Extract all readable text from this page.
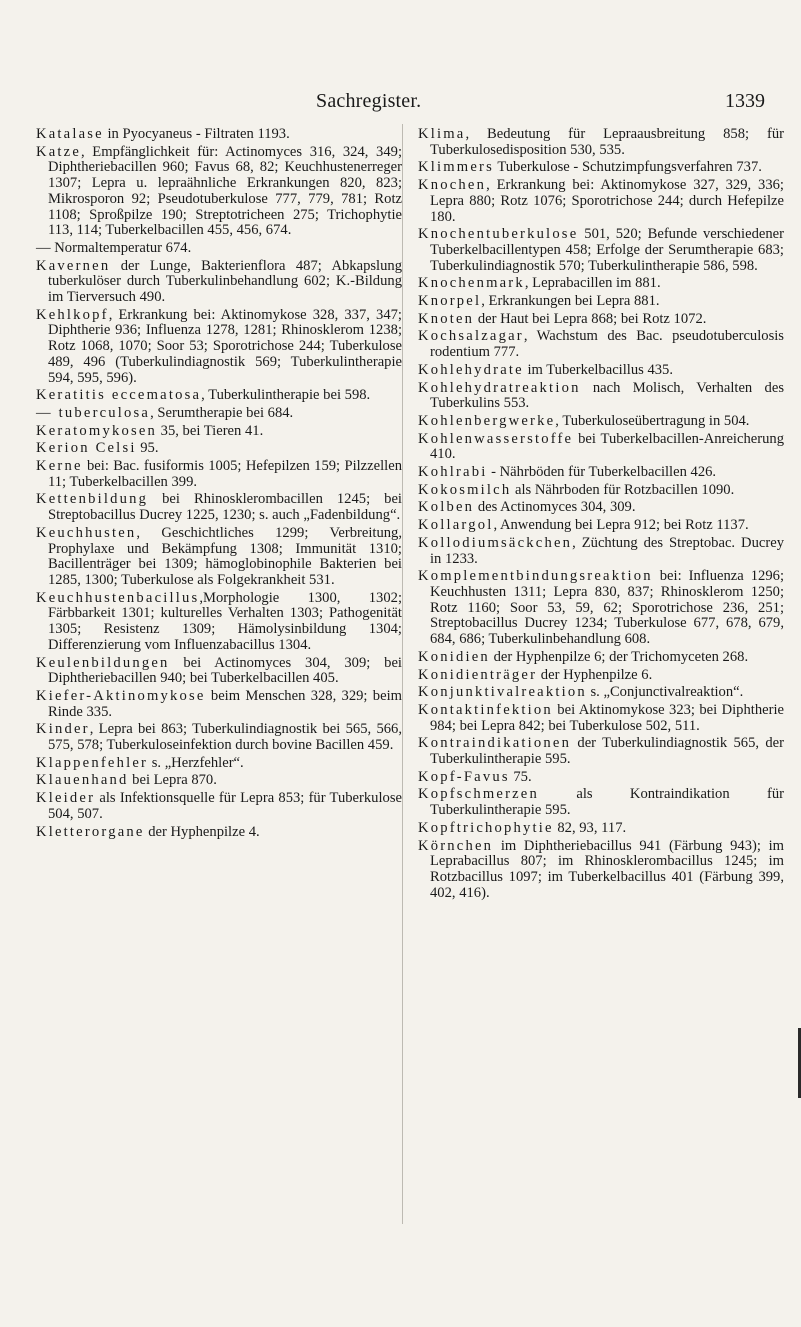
Sachregister.	1339

Katalase in Pyocyaneus - Filtraten 1193.

Katze, Empfänglichkeit für: Actinomyces 316, 324, 349; Diphtheriebacillen 960; Favus 68, 82; Keuchhustenerreger 1307; Lepra u. lepraähnliche Erkrankungen 820, 823; Mikrosporon 92; Pseudotuberkulose 777, 779, 781; Rotz 1108; Sproßpilze 190; Streptotricheen 275; Trichophytie 113, 114; Tuberkelbacillen 455, 456, 674.

— Normaltemperatur 674.

Kavernen der Lunge, Bakterienflora 487; Abkapslung tuberkulöser durch Tuberkulinbehandlung 602; K.-Bildung im Tierversuch 490.

Kehlkopf, Erkrankung bei: Aktinomykose 328, 337, 347; Diphtherie 936; Influenza 1278, 1281; Rhinosklerom 1238; Rotz 1068, 1070; Soor 53; Sporotrichose 244; Tuberkulose 489, 496 (Tuberkulindiagnostik 569; Tuberkulintherapie 594, 595, 596).

Keratitis eccematosa, Tuberkulintherapie bei 598.

— tuberculosa, Serumtherapie bei 684.

Keratomykosen 35, bei Tieren 41.

Kerion Celsi 95.

Kerne bei: Bac. fusiformis 1005; Hefepilzen 159; Pilzzellen 11; Tuberkelbacillen 399.

Kettenbildung bei Rhinosklerombacillen 1245; bei Streptobacillus Ducrey 1225, 1230; s. auch „Fadenbildung“.

Keuchhusten, Geschichtliches 1299; Verbreitung, Prophylaxe und Bekämpfung 1308; Immunität 1310; Bacillenträger bei 1309; hämoglobinophile Bakterien bei 1285, 1300; Tuberkulose als Folgekrankheit 531.

Keuchhustenbacillus,Morphologie 1300, 1302; Färbbarkeit 1301; kulturelles Verhalten 1303; Pathogenität 1305; Resistenz 1309; Hämolysinbildung 1304; Differenzierung vom Influenzabacillus 1304.

Keulenbildungen bei Actinomyces 304, 309; bei Diphtheriebacillen 940; bei Tuberkelbacillen 405.

Kiefer-Aktinomykose beim Menschen 328, 329; beim Rinde 335.

Kinder, Lepra bei 863; Tuberkulindiagnostik bei 565, 566, 575, 578; Tuberkuloseinfektion durch bovine Bacillen 459.

Klappenfehler s. „Herzfehler“.

Klauenhand bei Lepra 870.

Kleider als Infektionsquelle für Lepra 853; für Tuberkulose 504, 507.

Kletterorgane der Hyphenpilze 4.

Klima, Bedeutung für Lepraausbreitung 858; für Tuberkulosedisposition 530, 535.

Klimmers Tuberkulose - Schutzimpfungsverfahren 737.

Knochen, Erkrankung bei: Aktinomykose 327, 329, 336; Lepra 880; Rotz 1076; Sporotrichose 244; durch Hefepilze 180.

Knochentuberkulose 501, 520; Befunde verschiedener Tuberkelbacillentypen 458; Erfolge der Serumtherapie 683; Tuberkulindiagnostik 570; Tuberkulintherapie 586, 598.

Knochenmark, Leprabacillen im 881.

Knorpel, Erkrankungen bei Lepra 881.

Knoten der Haut bei Lepra 868; bei Rotz 1072.

Kochsalzagar, Wachstum des Bac. pseudotuberculosis rodentium 777.

Kohlehydrate im Tuberkelbacillus 435.

Kohlehydratreaktion nach Molisch, Verhalten des Tuberkulins 553.

Kohlenbergwerke, Tuberkuloseübertragung in 504.

Kohlenwasserstoffe bei Tuberkelbacillen-Anreicherung 410.

Kohlrabi - Nährböden für Tuberkelbacillen 426.

Kokosmilch als Nährboden für Rotzbacillen 1090.

Kolben des Actinomyces 304, 309.

Kollargol, Anwendung bei Lepra 912; bei Rotz 1137.

Kollodiumsäckchen, Züchtung des Streptobac. Ducrey in 1233.

Komplementbindungsreaktion bei: Influenza 1296; Keuchhusten 1311; Lepra 830, 837; Rhinosklerom 1250; Rotz 1160; Soor 53, 59, 62; Sporotrichose 236, 251; Streptobacillus Ducrey 1234; Tuberkulose 677, 678, 679, 684, 686; Tuberkulinbehandlung 608.

Konidien der Hyphenpilze 6; der Trichomyceten 268.

Konidienträger der Hyphenpilze 6.

Konjunktivalreaktion s. „Conjunctivalreaktion“.

Kontaktinfektion bei Aktinomykose 323; bei Diphtherie 984; bei Lepra 842; bei Tuberkulose 502, 511.

Kontraindikationen der Tuberkulindiagnostik 565, der Tuberkulintherapie 595.

Kopf-Favus 75.

Kopfschmerzen als Kontraindikation für Tuberkulintherapie 595.

Kopftrichophytie 82, 93, 117.

Körnchen im Diphtheriebacillus 941 (Färbung 943); im Leprabacillus 807; im Rhinosklerombacillus 1245; im Rotzbacillus 1097; im Tuberkelbacillus 401 (Färbung 399, 402, 416).
